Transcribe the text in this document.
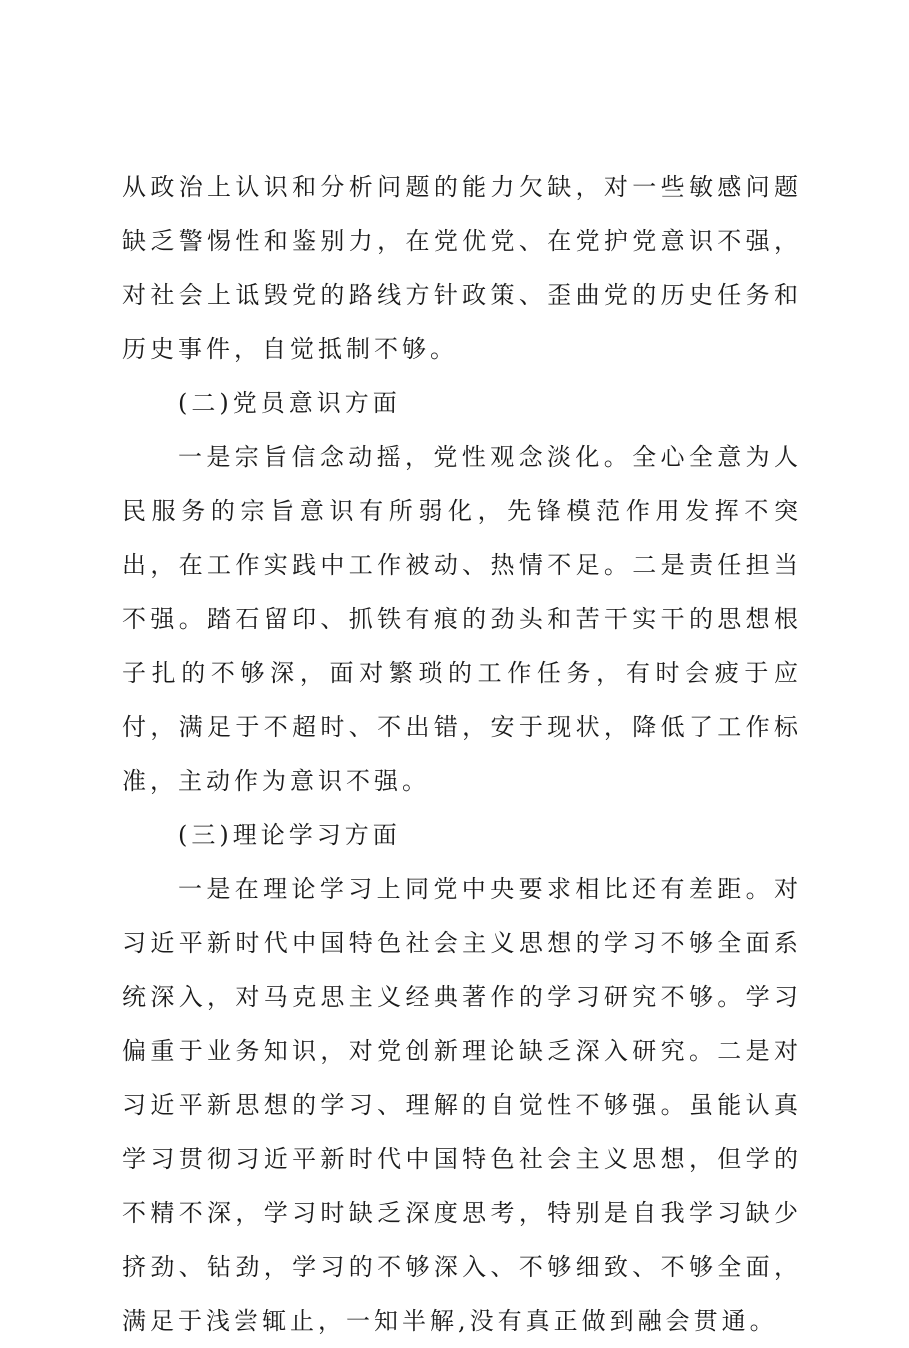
从政治上认识和分析问题的能力欠缺，对一些敏感问题缺乏警惕性和鉴别力，在党优党、在党护党意识不强，对社会上诋毁党的路线方针政策、歪曲党的历史任务和历史事件，自觉抵制不够。

(二)党员意识方面

一是宗旨信念动摇，党性观念淡化。全心全意为人民服务的宗旨意识有所弱化，先锋模范作用发挥不突出，在工作实践中工作被动、热情不足。二是责任担当不强。踏石留印、抓铁有痕的劲头和苦干实干的思想根子扎的不够深，面对繁琐的工作任务，有时会疲于应付，满足于不超时、不出错，安于现状，降低了工作标准，主动作为意识不强。

(三)理论学习方面

一是在理论学习上同党中央要求相比还有差距。对习近平新时代中国特色社会主义思想的学习不够全面系统深入，对马克思主义经典著作的学习研究不够。学习偏重于业务知识，对党创新理论缺乏深入研究。二是对习近平新思想的学习、理解的自觉性不够强。虽能认真学习贯彻习近平新时代中国特色社会主义思想，但学的不精不深，学习时缺乏深度思考，特别是自我学习缺少挤劲、钻劲，学习的不够深入、不够细致、不够全面，满足于浅尝辄止，一知半解,没有真正做到融会贯通。
